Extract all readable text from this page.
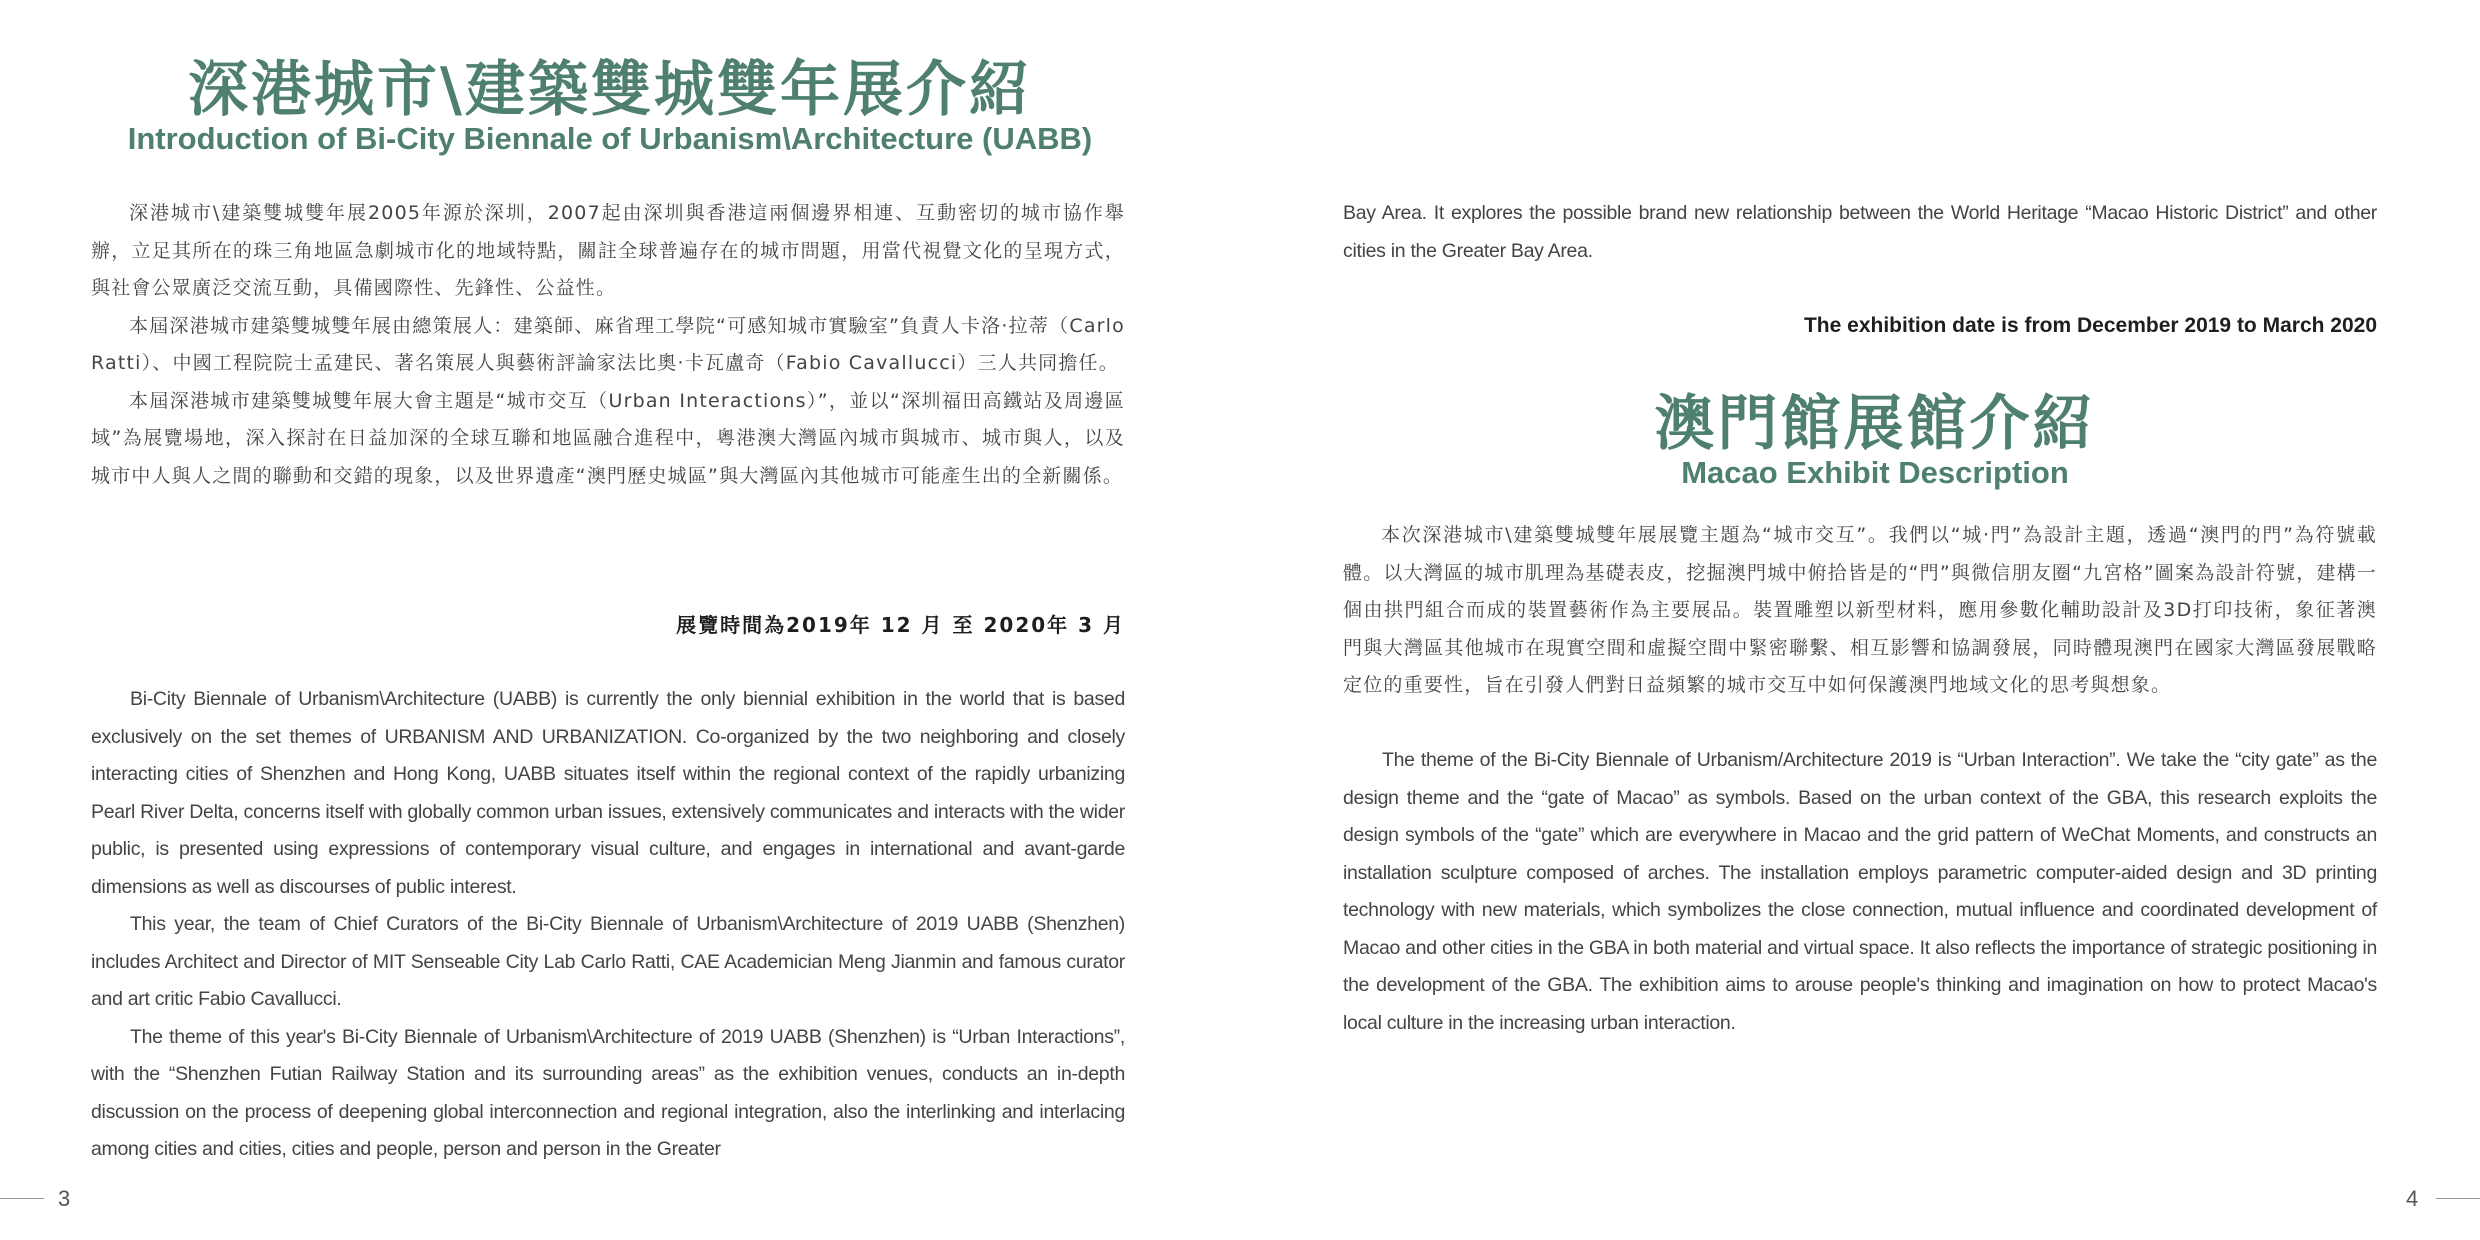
深港城市\建築雙城雙年展介紹
Introduction of Bi-City Biennale of Urbanism\Architecture (UABB)

深港城市\建築雙城雙年展2005年源於深圳，2007起由深圳與香港這兩個邊界相連、互動密切的城市協作舉辦，立足其所在的珠三角地區急劇城市化的地域特點，關註全球普遍存在的城市問題，用當代視覺文化的呈現方式，與社會公眾廣泛交流互動，具備國際性、先鋒性、公益性。

本屆深港城市建築雙城雙年展由總策展人：建築師、麻省理工學院“可感知城市實驗室”負責人卡洛·拉蒂（Carlo Ratti）、中國工程院院士孟建民、著名策展人與藝術評論家法比奧·卡瓦盧奇（Fabio Cavallucci）三人共同擔任。

本屆深港城市建築雙城雙年展大會主題是“城市交互（Urban Interactions）”，並以“深圳福田高鐵站及周邊區域”為展覽場地，深入探討在日益加深的全球互聯和地區融合進程中，粵港澳大灣區內城市與城市、城市與人，以及城市中人與人之間的聯動和交錯的現象，以及世界遺產“澳門歷史城區”與大灣區內其他城市可能產生出的全新關係。

展覽時間為2019年 12 月 至 2020年 3 月

Bi-City Biennale of Urbanism\Architecture (UABB) is currently the only biennial exhibition in the world that is based exclusively on the set themes of URBANISM AND URBANIZATION. Co-organized by the two neighboring and closely interacting cities of Shenzhen and Hong Kong, UABB situates itself within the regional context of the rapidly urbanizing Pearl River Delta, concerns itself with globally common urban issues, extensively communicates and interacts with the wider public, is presented using expressions of contemporary visual culture, and engages in international and avant-garde dimensions as well as discourses of public interest.

This year, the team of Chief Curators of the Bi-City Biennale of Urbanism\Architecture of 2019 UABB (Shenzhen) includes Architect and Director of MIT Senseable City Lab Carlo Ratti, CAE Academician Meng Jianmin and famous curator and art critic Fabio Cavallucci.

The theme of this year's Bi-City Biennale of Urbanism\Architecture of 2019 UABB (Shenzhen) is “Urban Interactions”, with the “Shenzhen Futian Railway Station and its surrounding areas” as the exhibition venues, conducts an in-depth discussion on the process of deepening global interconnection and regional integration, also the interlinking and interlacing among cities and cities, cities and people, person and person in the Greater

3

Bay Area. It explores the possible brand new relationship between the World Heritage “Macao Historic District” and other cities in the Greater Bay Area.

The exhibition date is from December 2019 to March 2020
澳門館展館介紹
Macao Exhibit Description

本次深港城市\建築雙城雙年展展覽主題為“城市交互”。我們以“城·門”為設計主題，透過“澳門的門”為符號載體。以大灣區的城市肌理為基礎表皮，挖掘澳門城中俯拾皆是的“門”與微信朋友圈“九宮格”圖案為設計符號，建構一個由拱門組合而成的裝置藝術作為主要展品。裝置雕塑以新型材料，應用參數化輔助設計及3D打印技術，象征著澳門與大灣區其他城市在現實空間和虛擬空間中緊密聯繫、相互影響和協調發展，同時體現澳門在國家大灣區發展戰略定位的重要性，旨在引發人們對日益頻繁的城市交互中如何保護澳門地域文化的思考與想象。

The theme of the Bi-City Biennale of Urbanism/Architecture 2019 is “Urban Interaction”. We take the “city gate” as the design theme and the “gate of Macao” as symbols. Based on the urban context of the GBA, this research exploits the design symbols of the “gate” which are everywhere in Macao and the grid pattern of WeChat Moments, and constructs an installation sculpture composed of arches. The installation employs parametric computer-aided design and 3D printing technology with new materials, which symbolizes the close connection, mutual influence and coordinated development of Macao and other cities in the GBA in both material and virtual space. It also reflects the importance of strategic positioning in the development of the GBA. The exhibition aims to arouse people's thinking and imagination on how to protect Macao's local culture in the increasing urban interaction.

4
